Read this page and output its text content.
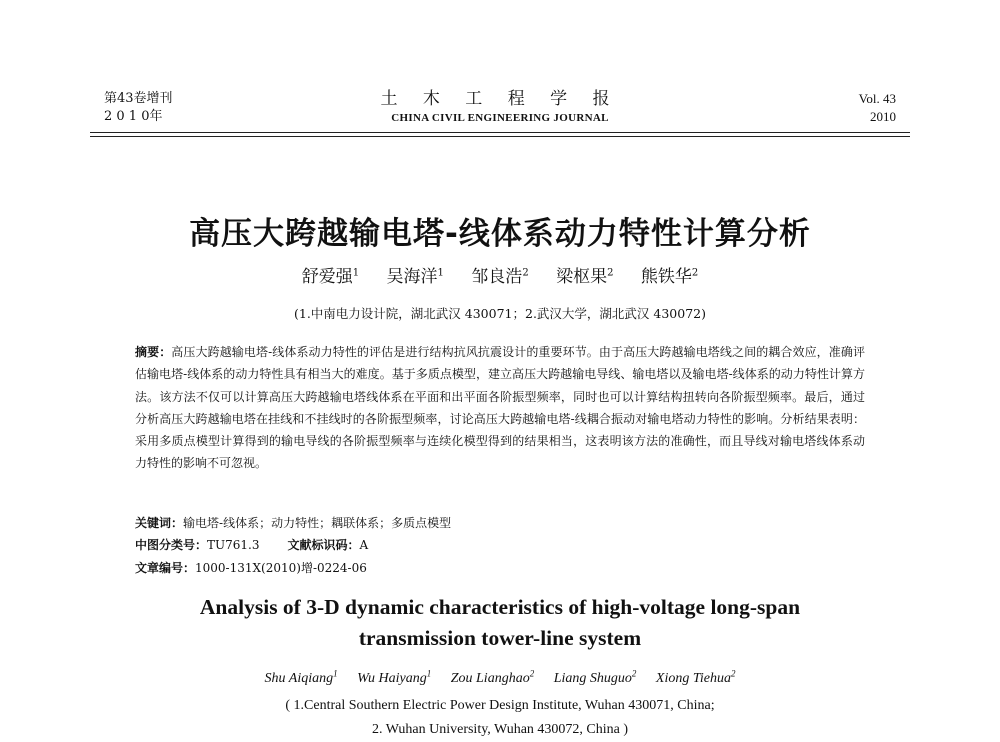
第43卷增刊
2 0 1 0年
土 木 工 程 学 报
CHINA CIVIL ENGINEERING JOURNAL
Vol. 43
2010
高压大跨越输电塔-线体系动力特性计算分析
舒爱强$^1$ 吴海洋$^1$ 邹良浩$^2$ 梁枢果$^2$ 熊铁华$^2$
(1.中南电力设计院，湖北武汉 430071；2.武汉大学，湖北武汉 430072)
摘要：高压大跨越输电塔-线体系动力特性的评估是进行结构抗风抗震设计的重要环节。由于高压大跨越输电塔线之间的耦合效应，准确评估输电塔-线体系的动力特性具有相当大的难度。基于多质点模型，建立高压大跨越输电导线、输电塔以及输电塔-线体系的动力特性计算方法。该方法不仅可以计算高压大跨越输电塔线体系在平面和出平面各阶振型频率，同时也可以计算结构扭转向各阶振型频率。最后，通过分析高压大跨越输电塔在挂线和不挂线时的各阶振型频率，讨论高压大跨越输电塔-线耦合振动对输电塔动力特性的影响。分析结果表明：采用多质点模型计算得到的输电导线的各阶振型频率与连续化模型得到的结果相当，这表明该方法的准确性，而且导线对输电塔线体系动力特性的影响不可忽视。
关键词：输电塔-线体系；动力特性；耦联体系；多质点模型
中图分类号：TU761.3 文献标识码：A
文章编号：1000-131X(2010)增-0224-06
Analysis of 3-D dynamic characteristics of high-voltage long-span
transmission tower-line system
Shu Aiqiang$^1$ Wu Haiyang$^1$ Zou Lianghao$^2$ Liang Shuguo$^2$ Xiong Tiehua$^2$
( 1.Central Southern Electric Power Design Institute, Wuhan 430071, China;
2. Wuhan University, Wuhan 430072, China )
